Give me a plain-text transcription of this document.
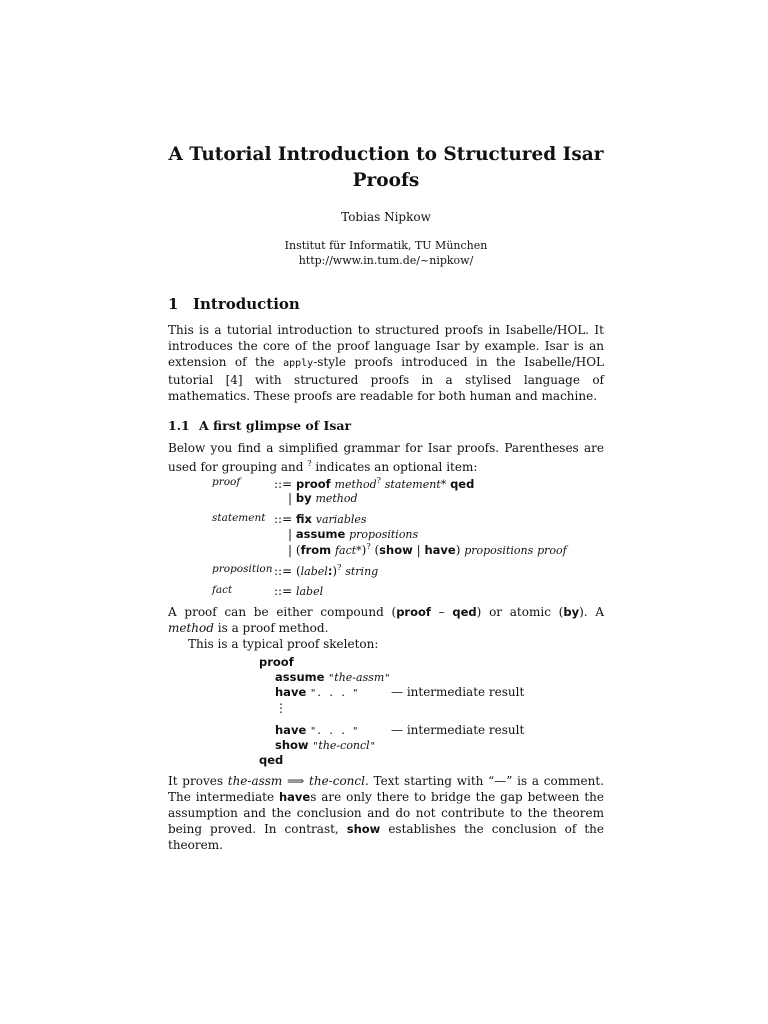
A Tutorial Introduction to Structured Isar Proofs
Tobias Nipkow
Institut für Informatik, TU München
http://www.in.tum.de/~nipkow/
1 Introduction

This is a tutorial introduction to structured proofs in Isabelle/HOL. It introduces the core of the proof language Isar by example. Isar is an extension of the apply-style proofs introduced in the Isabelle/HOL tutorial [4] with structured proofs in a stylised language of mathematics. These proofs are readable for both human and machine.

1.1 A first glimpse of Isar

Below you find a simplified grammar for Isar proofs. Parentheses are used for grouping and ? indicates an optional item:

proof	::= proof method? statement* qed
| by method
statement ::= fix variables
| assume propositions
| (from fact*)? (show | have) propositions proof
proposition ::= (label:)? string
fact	::= label

A proof can be either compound (proof – qed) or atomic (by). A method is a proof method.

This is a typical proof skeleton:

proof
assume "the-assm"
have ". . . "	— intermediate result
⋮
have ". . . "	— intermediate result
show "the-concl"
qed

It proves the-assm ⟹ the-concl. Text starting with “—” is a comment. The intermediate haves are only there to bridge the gap between the assumption and the conclusion and do not contribute to the theorem being proved. In contrast, show establishes the conclusion of the theorem.
